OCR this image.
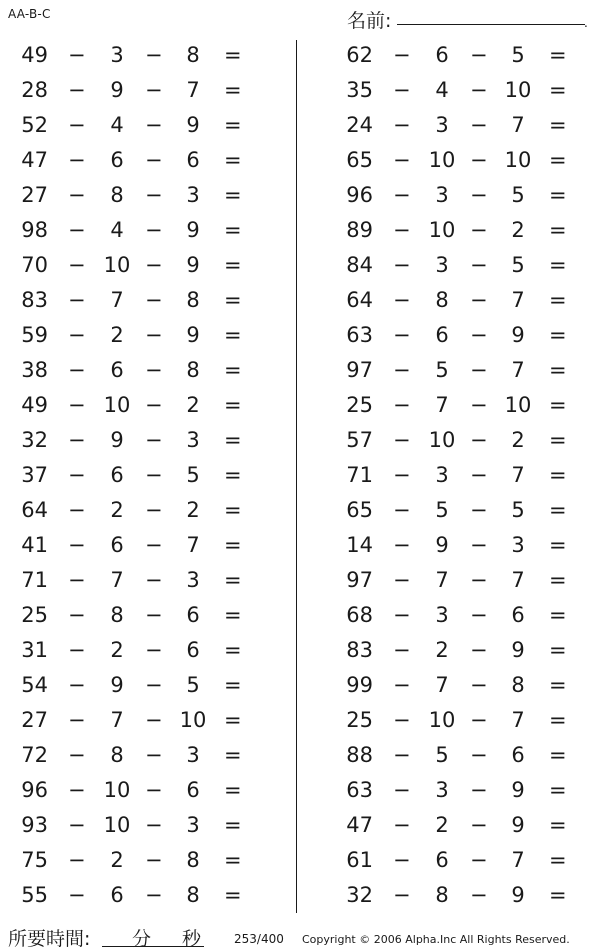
AA-B-C	名前:	.
49 −	3	−	8	=
28 −	9	−	7	=
52 −	4	−	9	=
47 −	6	−	6	=
27 −	8	−	3	=
98 −	4	−	9	=
70 − 10 −	9	=
83 −	7	−	8	=
59 −	2	−	9	=
38 −	6	−	8	=
49 − 10 −	2	=
32 −	9	−	3	=
37 −	6	−	5	=
64 −	2	−	2	=
41 −	6	−	7	=
71 −	7	−	3	=
25 −	8	−	6	=
31 −	2	−	6	=
54 −	9	−	5	=
27 −	7	− 10 =
72 −	8	−	3	=
96 − 10 −	6	=
93 − 10 −	3	=
75 −	2	−	8	=
55 −	6	−	8	=
62 −	6	−	5	=
35 −	4	− 10 =
24 −	3	−	7	=
65 − 10 − 10 =
96 −	3	−	5	=
89 − 10 −	2	=
84 −	3	−	5	=
64 −	8	−	7	=
63 −	6	−	9	=
97 −	5	−	7	=
25 −	7	− 10 =
57 − 10 −	2	=
71 −	3	−	7	=
65 −	5	−	5	=
14 −	9	−	3	=
97 −	7	−	7	=
68 −	3	−	6	=
83 −	2	−	9	=
99 −	7	−	8	=
25 − 10 −	7	=
88 −	5	−	6	=
63 −	3	−	9	=
47 −	2	−	9	=
61 −	6	−	7	=
32 −	8	−	9	=
所要時間: 分 秒	253/400 Copyright © 2006 Alpha.Inc All Rights Reserved.
